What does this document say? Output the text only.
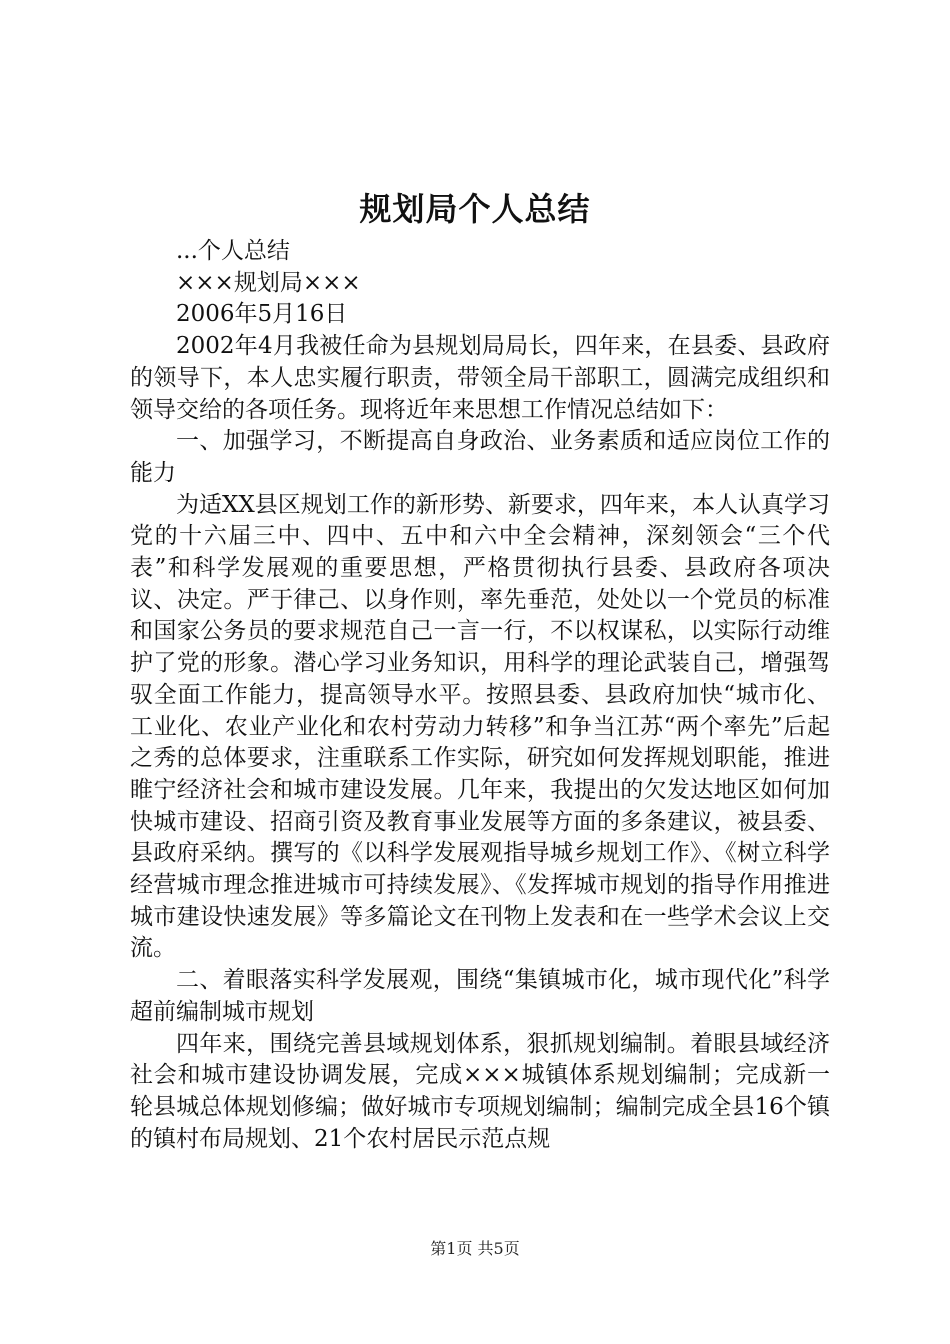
规划局个人总结

...个人总结

×××规划局×××

2006年5月16日

2002年4月我被任命为县规划局局长，四年来，在县委、县政府的领导下，本人忠实履行职责，带领全局干部职工，圆满完成组织和领导交给的各项任务。现将近年来思想工作情况总结如下：

一、加强学习，不断提高自身政治、业务素质和适应岗位工作的能力

为适XX县区规划工作的新形势、新要求，四年来，本人认真学习党的十六届三中、四中、五中和六中全会精神，深刻领会“三个代表”和科学发展观的重要思想，严格贯彻执行县委、县政府各项决议、决定。严于律己、以身作则，率先垂范，处处以一个党员的标准和国家公务员的要求规范自己一言一行，不以权谋私，以实际行动维护了党的形象。潜心学习业务知识，用科学的理论武装自己，增强驾驭全面工作能力，提高领导水平。按照县委、县政府加快“城市化、工业化、农业产业化和农村劳动力转移”和争当江苏“两个率先”后起之秀的总体要求，注重联系工作实际，研究如何发挥规划职能，推进睢宁经济社会和城市建设发展。几年来，我提出的欠发达地区如何加快城市建设、招商引资及教育事业发展等方面的多条建议，被县委、县政府采纳。撰写的《以科学发展观指导城乡规划工作》、《树立科学经营城市理念推进城市可持续发展》、《发挥城市规划的指导作用推进城市建设快速发展》等多篇论文在刊物上发表和在一些学术会议上交流。

二、着眼落实科学发展观，围绕“集镇城市化，城市现代化”科学超前编制城市规划

四年来，围绕完善县域规划体系，狠抓规划编制。着眼县域经济社会和城市建设协调发展，完成×××城镇体系规划编制；完成新一轮县城总体规划修编；做好城市专项规划编制；编制完成全县16个镇的镇村布局规划、21个农村居民示范点规

第1页 共5页
